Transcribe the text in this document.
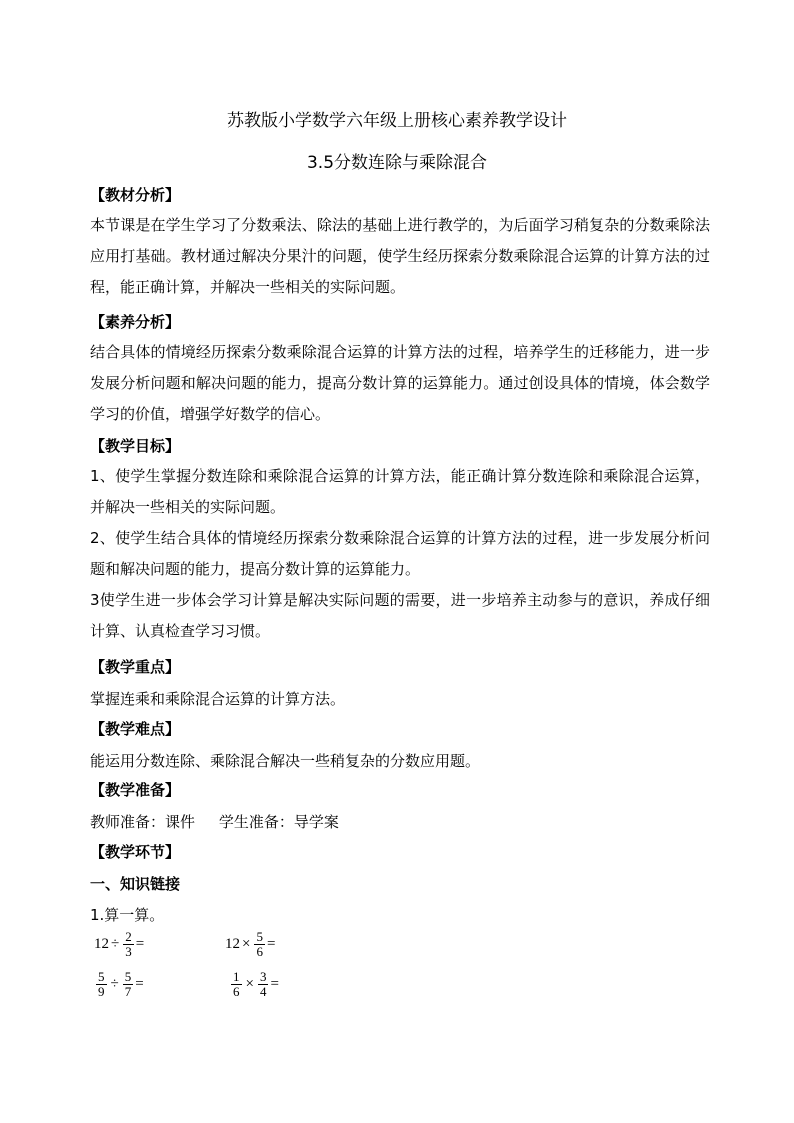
苏教版小学数学六年级上册核心素养教学设计
3.5分数连除与乘除混合
【教材分析】
本节课是在学生学习了分数乘法、除法的基础上进行教学的，为后面学习稍复杂的分数乘除法应用打基础。教材通过解决分果汁的问题，使学生经历探索分数乘除混合运算的计算方法的过程，能正确计算，并解决一些相关的实际问题。
【素养分析】
结合具体的情境经历探索分数乘除混合运算的计算方法的过程，培养学生的迁移能力，进一步发展分析问题和解决问题的能力，提高分数计算的运算能力。通过创设具体的情境，体会数学学习的价值，增强学好数学的信心。
【教学目标】
1、使学生掌握分数连除和乘除混合运算的计算方法，能正确计算分数连除和乘除混合运算，并解决一些相关的实际问题。
2、使学生结合具体的情境经历探索分数乘除混合运算的计算方法的过程，进一步发展分析问题和解决问题的能力，提高分数计算的运算能力。
3使学生进一步体会学习计算是解决实际问题的需要，进一步培养主动参与的意识，养成仔细计算、认真检查学习习惯。
【教学重点】
掌握连乘和乘除混合运算的计算方法。
【教学难点】
能运用分数连除、乘除混合解决一些稍复杂的分数应用题。
【教学准备】
教师准备：课件     学生准备：导学案
【教学环节】
一、知识链接
1.算一算。
$12 \div \frac{2}{3}$ =	$12 \times \frac{5}{6}$ =
$\frac{5}{9} \div \frac{5}{7}$ =	$\frac{1}{6} \times \frac{3}{4}$ =
